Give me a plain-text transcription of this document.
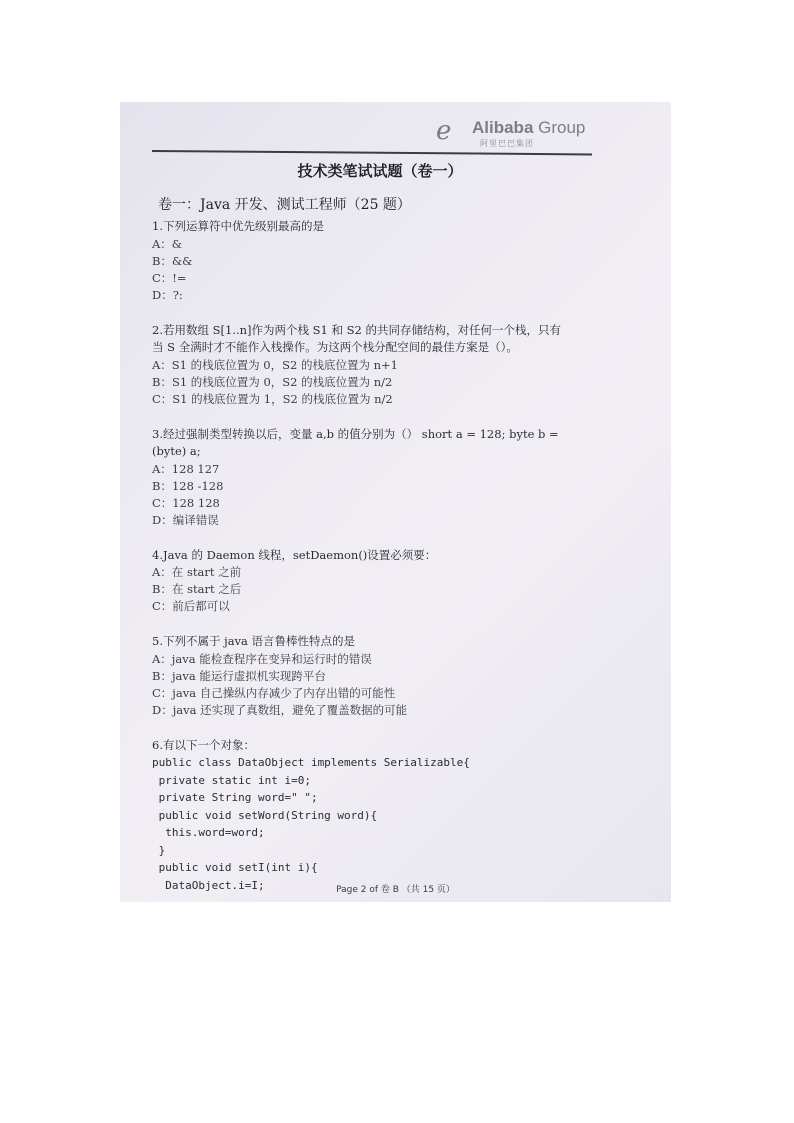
e Alibaba Group
阿里巴巴集团
技术类笔试试题（卷一）
卷一：Java 开发、测试工程师（25 题）
1.下列运算符中优先级别最高的是
A：&
B：&&
C：!=
D：?:
2.若用数组 S[1..n]作为两个栈 S1 和 S2 的共同存储结构，对任何一个栈，只有
当 S 全满时才不能作入栈操作。为这两个栈分配空间的最佳方案是（）。
A：S1 的栈底位置为 0，S2 的栈底位置为 n+1
B：S1 的栈底位置为 0，S2 的栈底位置为 n/2
C：S1 的栈底位置为 1，S2 的栈底位置为 n/2
3.经过强制类型转换以后，变量 a,b 的值分别为（） short a = 128; byte b =
(byte) a;
A：128 127
B：128 -128
C：128 128
D：编译错误
4.Java 的 Daemon 线程，setDaemon()设置必须要：
A：在 start 之前
B：在 start 之后
C：前后都可以
5.下列不属于 java 语言鲁棒性特点的是
A：java 能检查程序在变异和运行时的错误
B：java 能运行虚拟机实现跨平台
C：java 自己操纵内存减少了内存出错的可能性
D：java 还实现了真数组，避免了覆盖数据的可能
6.有以下一个对象：
public class DataObject implements Serializable{
private static int i=0;
private String word=" ";
public void setWord(String word){
this.word=word;
}
public void setI(int i){
DataObject.i=I;	Page 2 of 卷 B （共 15 页）
